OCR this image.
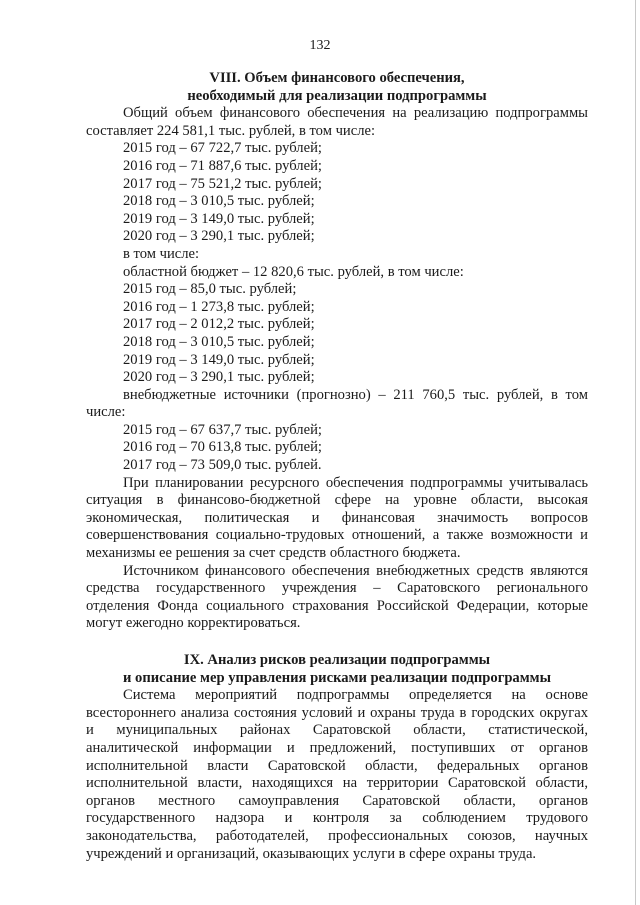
132
VIII. Объем финансового обеспечения,
необходимый для реализации подпрограммы

Общий объем финансового обеспечения на реализацию подпрограммы составляет 224 581,1 тыс. рублей, в том числе:

2015 год – 67 722,7 тыс. рублей;

2016 год – 71 887,6 тыс. рублей;

2017 год – 75 521,2 тыс. рублей;

2018 год – 3 010,5 тыс. рублей;

2019 год – 3 149,0 тыс. рублей;

2020 год – 3 290,1 тыс. рублей;

в том числе:

областной бюджет – 12 820,6 тыс. рублей, в том числе:

2015 год – 85,0 тыс. рублей;

2016 год – 1 273,8 тыс. рублей;

2017 год – 2 012,2 тыс. рублей;

2018 год – 3 010,5 тыс. рублей;

2019 год – 3 149,0 тыс. рублей;

2020 год – 3 290,1 тыс. рублей;

внебюджетные источники (прогнозно) – 211 760,5 тыс. рублей, в том числе:

2015 год – 67 637,7 тыс. рублей;

2016 год – 70 613,8 тыс. рублей;

2017 год – 73 509,0 тыс. рублей.

При планировании ресурсного обеспечения подпрограммы учитывалась ситуация в финансово-бюджетной сфере на уровне области, высокая экономическая, политическая и финансовая значимость вопросов совершенствования социально-трудовых отношений, а также возможности и механизмы ее решения за счет средств областного бюджета.

Источником финансового обеспечения внебюджетных средств являются средства государственного учреждения – Саратовского регионального отделения Фонда социального страхования Российской Федерации, которые могут ежегодно корректироваться.

IX. Анализ рисков реализации подпрограммы
и описание мер управления рисками реализации подпрограммы

Система мероприятий подпрограммы определяется на основе всестороннего анализа состояния условий и охраны труда в городских округах и муниципальных районах Саратовской области, статистической, аналитической информации и предложений, поступивших от органов исполнительной власти Саратовской области, федеральных органов исполнительной власти, находящихся на территории Саратовской области, органов местного самоуправления Саратовской области, органов государственного надзора и контроля за соблюдением трудового законодательства, работодателей, профессиональных союзов, научных учреждений и организаций, оказывающих услуги в сфере охраны труда.
